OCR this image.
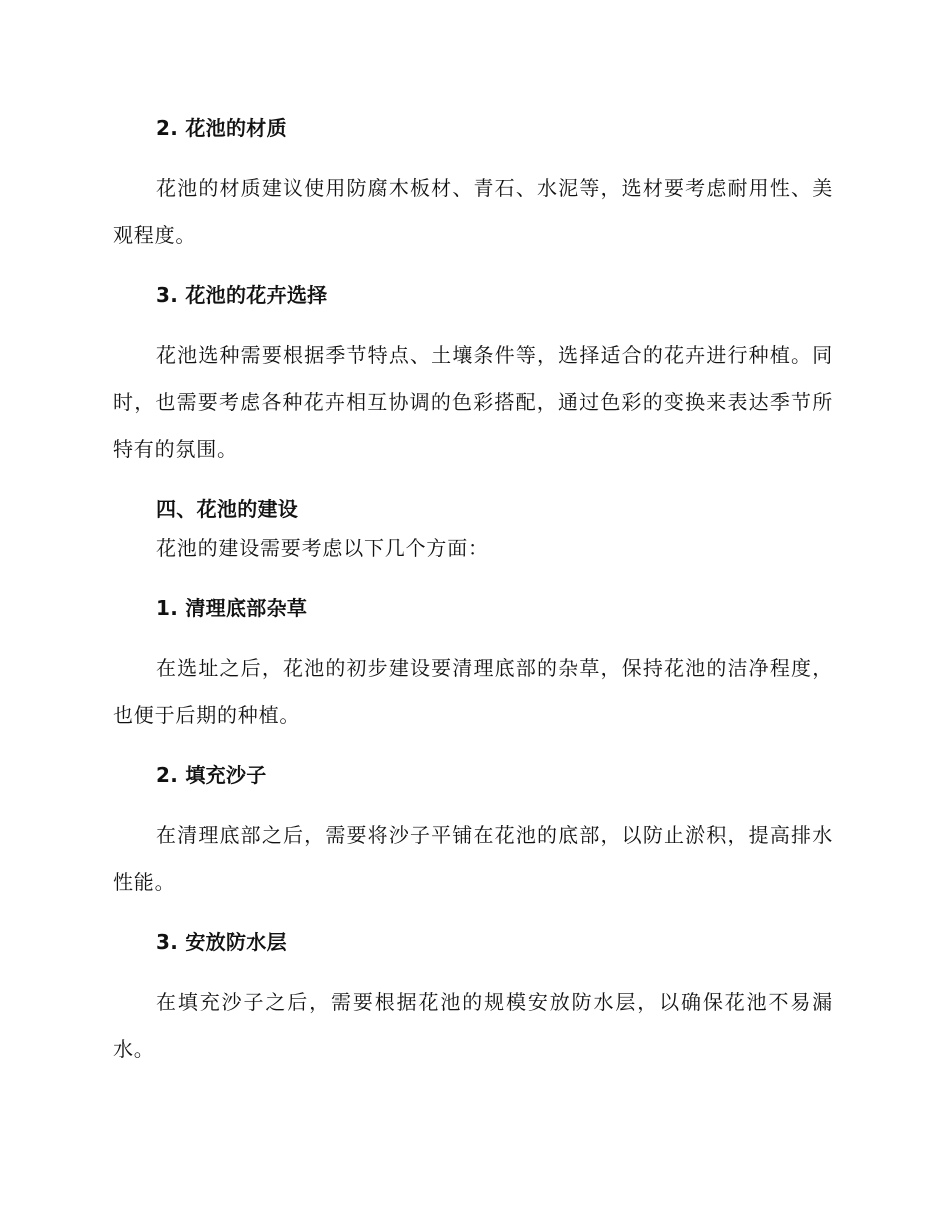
2. 花池的材质

花池的材质建议使用防腐木板材、青石、水泥等，选材要考虑耐用性、美观程度。

3. 花池的花卉选择

花池选种需要根据季节特点、土壤条件等，选择适合的花卉进行种植。同时，也需要考虑各种花卉相互协调的色彩搭配，通过色彩的变换来表达季节所特有的氛围。

四、花池的建设

花池的建设需要考虑以下几个方面：

1. 清理底部杂草

在选址之后，花池的初步建设要清理底部的杂草，保持花池的洁净程度，也便于后期的种植。

2. 填充沙子

在清理底部之后，需要将沙子平铺在花池的底部，以防止淤积，提高排水性能。

3. 安放防水层

在填充沙子之后，需要根据花池的规模安放防水层，以确保花池不易漏水。
